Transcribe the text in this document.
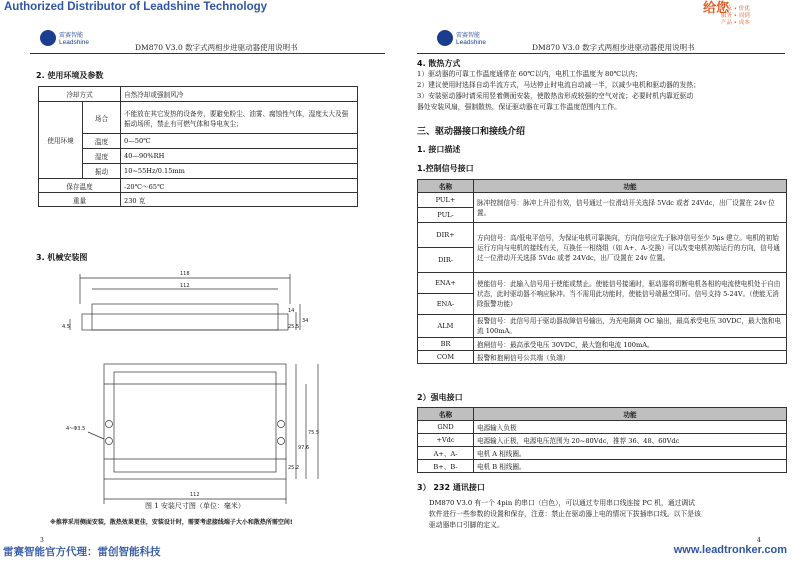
Authorized Distributor of Leadshine Technology	给您
厂家 • 价优
服务 • 周到
产品 • 成本
雷赛智能
Leadshine
DM870 V3.0 数字式两相步进驱动器使用说明书
2. 使用环境及参数
冷却方式		自然冷却或强制风冷
使用环境	场合	不能放在其它发热的设备旁，要避免粉尘、油雾、腐蚀性气体，湿度太大及强振动场所，禁止有可燃气体和导电灰尘；
	温度	0—50℃
	湿度	40—90%RH
	振动	10~55Hz/0.15mm
保存温度		-20℃～65℃
重量		230 克
3. 机械安装图
118
112
34
25.5
14
4.5
75.5
97.6
25.2
4~Φ3.5
112
图 1 安装尺寸图（单位：毫米）
※推荐采用侧面安装，散热效果更佳，安装设计时，需要考虑接线端子大小和散热所需空间!
3
雷赛智能
Leadshine
DM870 V3.0 数字式两相步进驱动器使用说明书
4. 散热方式
1）驱动器的可靠工作温度通常在 60℃以内，电机工作温度为 80℃以内；
2）建议使用时选择自动半流方式，马达停止时电流自动减一半，以减少电机和驱动器的发热；
3）安装驱动器时请采用竖着侧面安装，使散热齿形成较强的空气对流；必要时机内靠近驱动
器处安装风扇，强制散热，保证驱动器在可靠工作温度范围内工作。
三、驱动器接口和接线介绍
1. 接口描述
1.控制信号接口
名称	功能

PUL+
PUL-	脉冲控制信号：脉冲上升沿有效，信号通过一位滑动开关选择 5Vdc 或者 24Vdc，出厂设置在 24v 位置。

DIR+
DIR-	方向信号：高/低电平信号，为保证电机可靠换向，方向信号应先于脉冲信号至少 5μs 建立。电机的初始运行方向与电机的接线有关，互换任一相绕组（如 A+、A-交换）可以改变电机初始运行的方向，信号通过一位滑动开关选择 5Vdc 或者 24Vdc，出厂设置在 24v 位置。

ENA+
ENA-	使能信号：此输入信号用于使能或禁止。使能信号接通时，驱动器将切断电机各相的电流使电机处于自由状态，此时驱动器不响应脉冲。当不需用此功能时，使能信号端悬空即可。信号支持 5-24V。（使能无消除报警功能）
ALM	报警信号：此信号用于驱动器故障信号输出，为光电隔离 OC 输出，最高承受电压 30VDC，最大饱和电流 100mA。
BR	抱闸信号：最高承受电压 30VDC，最大饱和电流 100mA。
COM	报警和抱闸信号公共端（负端）
2）强电接口
名称	功能
GND	电源输入负极
+Vdc	电源输入正极，电源电压范围为 20~80Vdc，推荐 36、48、60Vdc
A+、A-	电机 A 相线圈。
B+、B-	电机 B 相线圈。
3） 232 通讯接口
DM870 V3.0 有一个 4pin 的串口（白色），可以通过专用串口线连接 PC 机，通过调试
软件进行一些参数的设置和保存，注意：禁止在驱动器上电的情况下拔插串口线。以下是该
驱动器串口引脚的定义。
4
雷赛智能官方代理：雷创智能科技	www.leadtronker.com
